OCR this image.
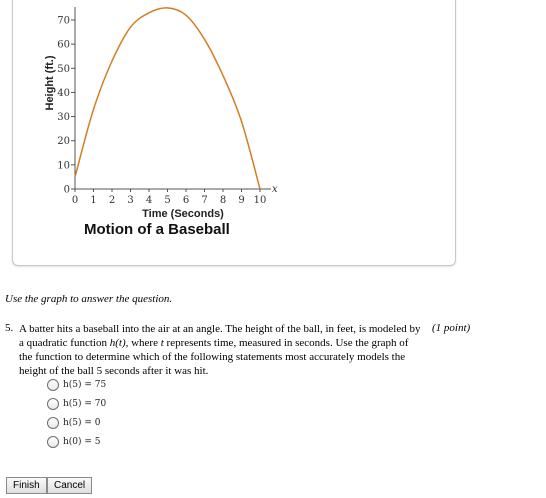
0
10
20
30
40
50
60
70
0 1 2 3 4 5 6 7 8 9 10
x
Height (ft.)
Time (Seconds)
Motion of a Baseball
Use the graph to answer the question.
5. A batter hits a baseball into the air at an angle. The height of the ball, in feet, is modeled by a quadratic function h(t), where t represents time, measured in seconds. Use the graph of the function to determine which of the following statements most accurately models the height of the ball 5 seconds after it was hit.
(1 point)
h(5) = 75
h(5) = 70
h(5) = 0
h(0) = 5
Finish	Cancel
